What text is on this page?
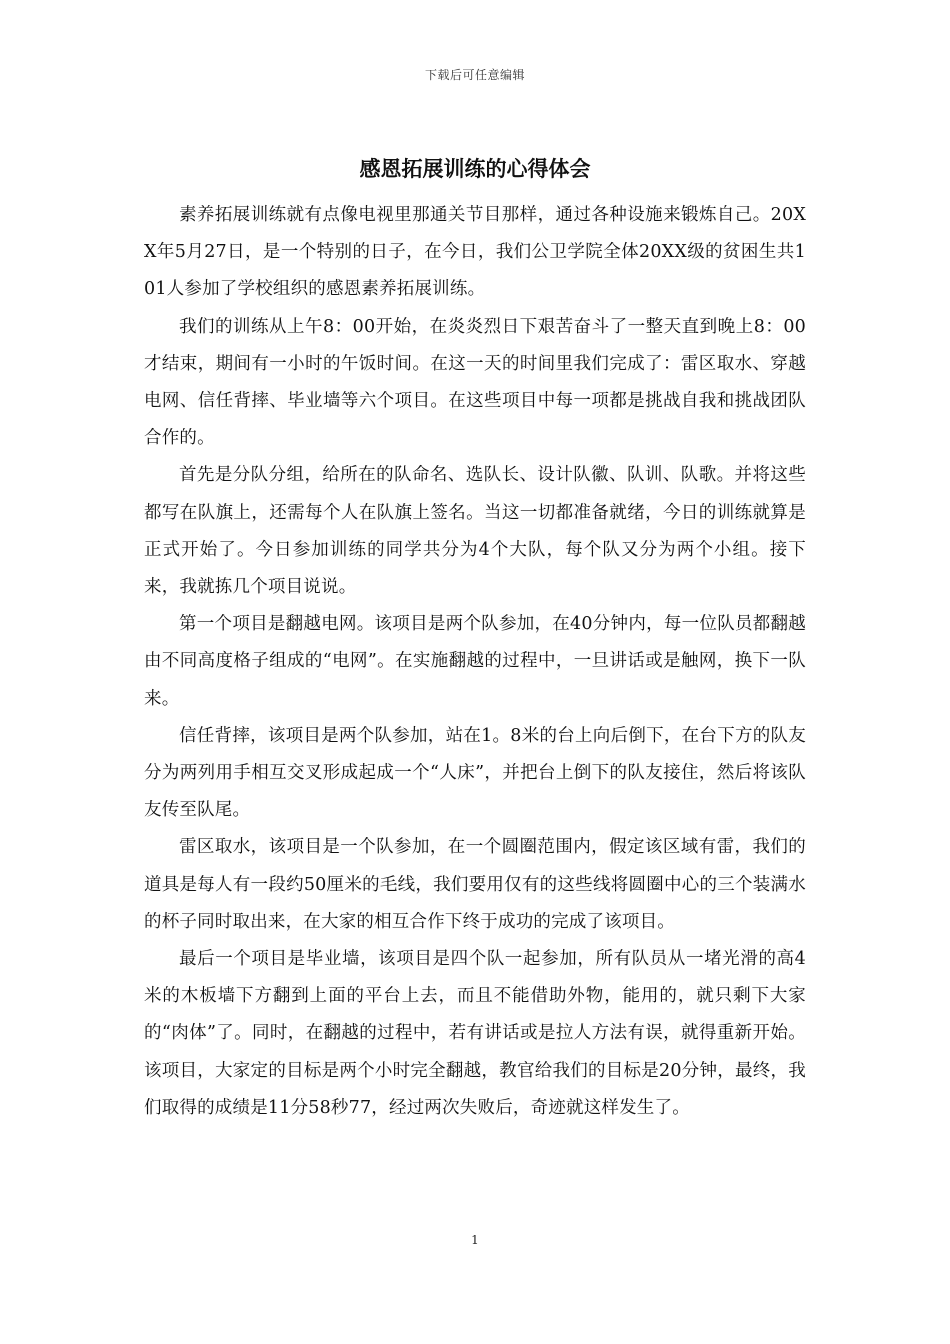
下载后可任意编辑
感恩拓展训练的心得体会

素养拓展训练就有点像电视里那通关节目那样，通过各种设施来锻炼自己。20XX年5月27日，是一个特别的日子，在今日，我们公卫学院全体20XX级的贫困生共101人参加了学校组织的感恩素养拓展训练。

我们的训练从上午8：00开始，在炎炎烈日下艰苦奋斗了一整天直到晚上8：00才结束，期间有一小时的午饭时间。在这一天的时间里我们完成了：雷区取水、穿越电网、信任背摔、毕业墙等六个项目。在这些项目中每一项都是挑战自我和挑战团队合作的。

首先是分队分组，给所在的队命名、选队长、设计队徽、队训、队歌。并将这些都写在队旗上，还需每个人在队旗上签名。当这一切都准备就绪，今日的训练就算是正式开始了。今日参加训练的同学共分为4个大队，每个队又分为两个小组。接下来，我就拣几个项目说说。

第一个项目是翻越电网。该项目是两个队参加，在40分钟内，每一位队员都翻越由不同高度格子组成的“电网”。在实施翻越的过程中，一旦讲话或是触网，换下一队来。

信任背摔，该项目是两个队参加，站在1。8米的台上向后倒下，在台下方的队友分为两列用手相互交叉形成起成一个“人床”，并把台上倒下的队友接住，然后将该队友传至队尾。

雷区取水，该项目是一个队参加，在一个圆圈范围内，假定该区域有雷，我们的道具是每人有一段约50厘米的毛线，我们要用仅有的这些线将圆圈中心的三个装满水的杯子同时取出来，在大家的相互合作下终于成功的完成了该项目。

最后一个项目是毕业墙，该项目是四个队一起参加，所有队员从一堵光滑的高4米的木板墙下方翻到上面的平台上去，而且不能借助外物，能用的，就只剩下大家的“肉体”了。同时，在翻越的过程中，若有讲话或是拉人方法有误，就得重新开始。该项目，大家定的目标是两个小时完全翻越，教官给我们的目标是20分钟，最终，我们取得的成绩是11分58秒77，经过两次失败后，奇迹就这样发生了。

1
